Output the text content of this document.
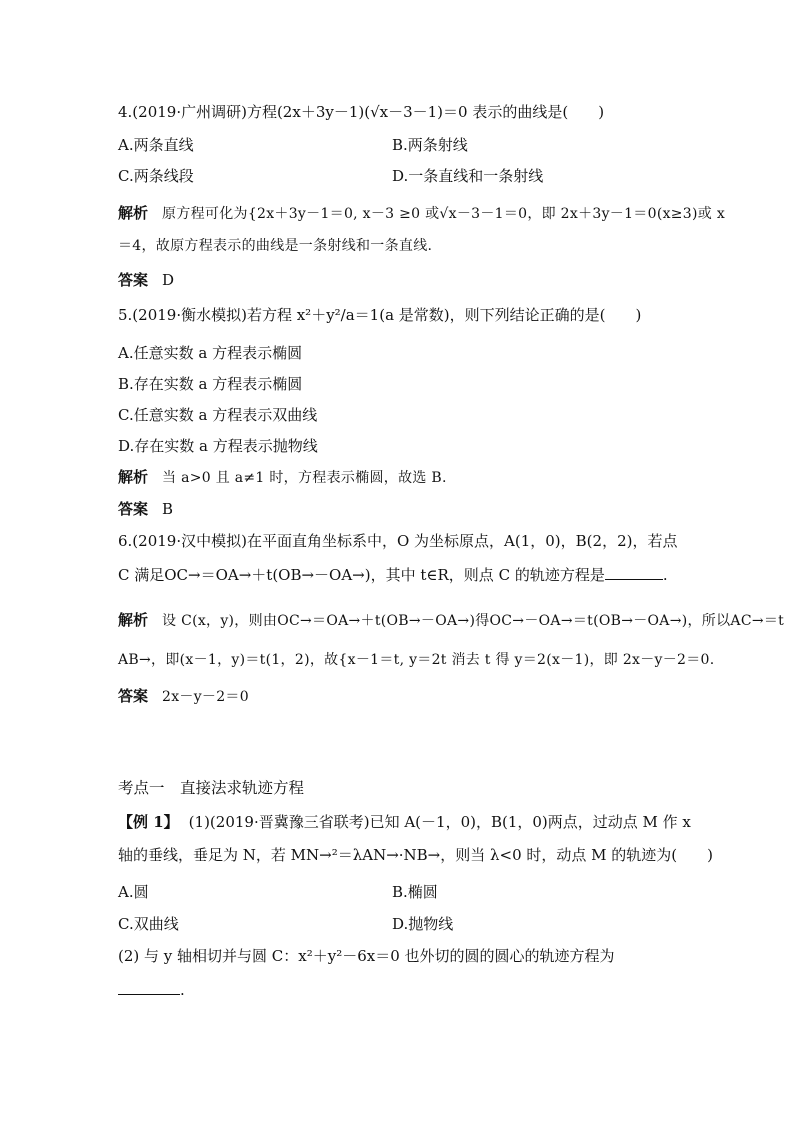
4.(2019·广州调研)方程(2x＋3y－1)(√x－3－1)＝0 表示的曲线是(　　)
A.两条直线	B.两条射线
C.两条线段	D.一条直线和一条射线
解析 原方程可化为{2x＋3y－1＝0, x－3 ≥0 或√x－3－1＝0，即 2x＋3y－1＝0(x≥3)或 x
＝4，故原方程表示的曲线是一条射线和一条直线.
答案 D
5.(2019·衡水模拟)若方程 x²＋y²/a＝1(a 是常数)，则下列结论正确的是(　　)
A.任意实数 a 方程表示椭圆
B.存在实数 a 方程表示椭圆
C.任意实数 a 方程表示双曲线
D.存在实数 a 方程表示抛物线
解析 当 a>0 且 a≠1 时，方程表示椭圆，故选 B.
答案 B
6.(2019·汉中模拟)在平面直角坐标系中，O 为坐标原点，A(1，0)，B(2，2)，若点
C 满足OC→＝OA→＋t(OB→－OA→)，其中 t∈R，则点 C 的轨迹方程是	.
解析 设 C(x，y)，则由OC→＝OA→＋t(OB→－OA→)得OC→－OA→＝t(OB→－OA→)，所以AC→＝t
AB→，即(x－1，y)＝t(1，2)，故{x－1＝t, y＝2t 消去 t 得 y＝2(x－1)，即 2x－y－2＝0.
答案 2x－y－2＝0
考点一　直接法求轨迹方程
【例 1】 (1)(2019·晋冀豫三省联考)已知 A(－1，0)，B(1，0)两点，过动点 M 作 x
轴的垂线，垂足为 N，若 MN→²＝λAN→·NB→，则当 λ<0 时，动点 M 的轨迹为(　　)
A.圆	B.椭圆
C.双曲线	D.抛物线
(2) 与 y 轴相切并与圆 C：x²＋y²－6x＝0 也外切的圆的圆心的轨迹方程为
.
